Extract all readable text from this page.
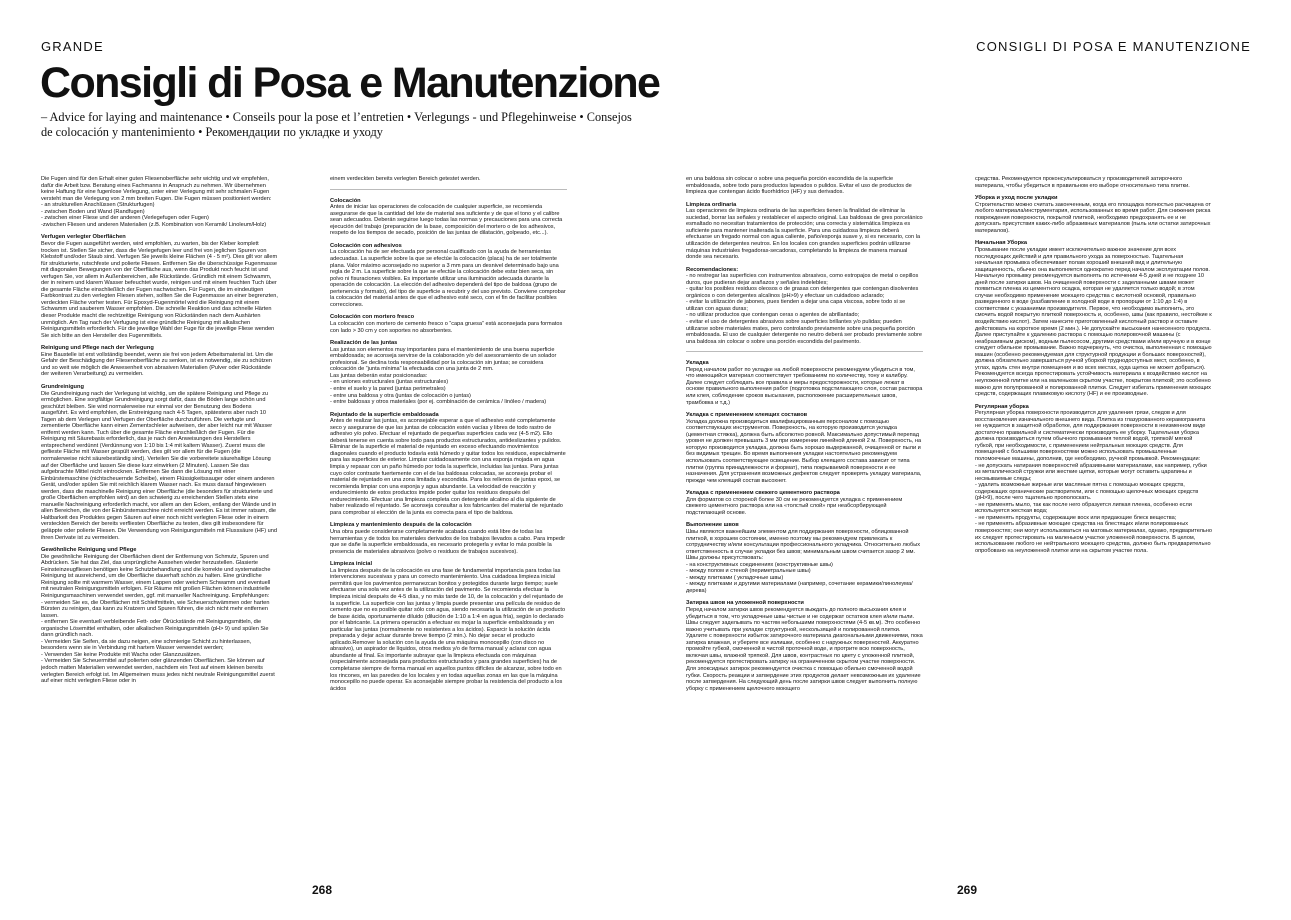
GRANDE	CONSIGLI DI POSA E MANUTENZIONE
Consigli di Posa e Manutenzione

– Advice for laying and maintenance • Conseils pour la pose et l’entretien • Verlegungs - und Pflegehinweise • Consejos de colocación y mantenimiento • Рекомендации по укладке и уходу

Die Fugen sind für den Erhalt einer guten Fliesenoberfläche sehr wichtig und wir empfehlen, dafür die Arbeit bzw. Beratung eines Fachmanns in Anspruch zu nehmen. Wir übernehmen keine Haftung für eine fugenlose Verlegung, unter einer Verlegung mit sehr schmalen Fugen versteht man die Verlegung von 2 mm breiten Fugen. Die Fugen müssen positioniert werden:
- an strukturellen Anschlüssen (Strukturfugen)
- zwischen Boden und Wand (Randfugen)
- zwischen einer Fliese und der anderen (Verlegefugen oder Fugen)
-zwischen Fliesen und anderen Materialien (z.B. Kombination von Keramik/ Linoleum/Holz)

Verfugen verlegter Oberflächen

Bevor die Fugen ausgeführt werden, wird empfohlen, zu warten, bis der Kleber komplett trocken ist. Stellen Sie sicher, dass die Verlegefugen leer und frei von jeglichen Spuren von Klebstoff und/oder Staub sind. Verfugen Sie jeweils kleine Flächen (4 - 5 m²). Dies gilt vor allem für strukturierte, rutschfeste und polierte Fliesen. Entfernen Sie die überschüssige Fugenmasse mit diagonalen Bewegungen von der Oberfläche aus, wenn das Produkt noch feucht ist und verfugen Sie, vor allem in Außenbereichen, alle Rückstände. Gründlich mit einem Schwamm, der in reinem und klarem Wasser befeuchtet wurde, reinigen und mit einem feuchten Tuch über die gesamte Fläche einschließlich der Fugen nachwischen. Für Fugen, die im eindeutigen Farbkontrast zu den verlegten Fliesen stehen, sollten Sie die Fugenmasse an einer begrenzten, verdeckten Fläche vorher testen. Für Epoxyd-Fugenmörtel wird die Reinigung mit einem Schwamm und sauberem Wasser empfohlen. Die schnelle Reaktion und das schnelle Härten dieser Produkte macht die rechtzeitige Reinigung von Rückständen nach dem Aushärten unmöglich. Am Tag nach der Verfugung ist eine gründliche Reinigung mit alkalischen Reinigungsmitteln erforderlich. Für die jeweilige Wahl der Fuge für die jeweilige Fliese wenden Sie sich bitte an den Hersteller des Fugenmittels.

Reinigung und Pflege nach der Verlegung

Eine Baustelle ist erst vollständig beendet, wenn sie frei von jedem Arbeitsmaterial ist. Um die Gefahr der Beschädigung der Fliesenoberfläche zu senken, ist es notwendig, sie zu schützen und so weit wie möglich die Anwesenheit von abrasiven Materialien (Pulver oder Rückstände der weiteren Verarbeitung) zu vermeiden.

Grundreinigung

Die Grundreinigung nach der Verlegung ist wichtig, um die spätere Reinigung und Pflege zu ermöglichen. Eine sorgfältige Grundreinigung sorgt dafür, dass die Böden lange schön und geschützt bleiben. Sie wird normalerweise nur einmal vor der Benutzung des Bodens ausgeführt. Es wird empfohlen, die Erstreinigung nach 4-5 Tagen, spätestens aber nach 10 Tagen ab dem Verlegen und Verfugen der Oberfläche durchzuführen. Die verfugte und zementierte Oberfläche kann einen Zementschleier aufweisen, der aber leicht nur mit Wasser entfernt werden kann. Tuch über die gesamte Fläche einschließlich der Fugen. Für die Reinigung mit Säurebasis erforderlich, das je nach den Anweisungen des Herstellers entsprechend verdünnt (Verdünnung von 1:10 bis 1:4 mit kaltem Wasser). Zuerst muss die geflieste Fläche mit Wasser gespült werden, dies gilt vor allem für die Fugen (die normalerweise nicht säurebeständig sind). Verteilen Sie die vorbereitete säurehaltige Lösung auf der Oberfläche und lassen Sie diese kurz einwirken (2 Minuten). Lassen Sie das aufgebrachte Mittel nicht eintrocknen. Entfernen Sie dann die Lösung mit einer Einbürstemaschine (nichtscheuernde Scheibe), einem Flüssigkeitssauger oder einem anderen Gerät, und/oder spülen Sie mit reichlich klarem Wasser nach. Es muss darauf hingewiesen werden, dass die maschinelle Reinigung einer Oberfläche (die besonders für strukturierte und große Oberflächen empfohlen wird) an den schwierig zu erreichenden Stellen stets eine manuelle Nachreinigung erforderlich macht, vor allem an den Ecken, entlang der Wände und in allen Bereichen, die von der Einbürstemaschine nicht erreicht werden. Es ist immer ratsam, die Haltbarkeit des Produktes gegen Säuren auf einer noch nicht verlegten Fliese oder in einem versteckten Bereich der bereits verfliesten Oberfläche zu testen, dies gilt insbesondere für geläppte oder polierte Fliesen. Die Verwendung von Reinigungsmitteln mit Flusssäure (HF) und ihren Derivate ist zu vermeiden.

Gewöhnliche Reinigung und Pflege

Die gewöhnliche Reinigung der Oberflächen dient der Entfernung von Schmutz, Spuren und Abdrücken. Sie hat das Ziel, das ursprüngliche Aussehen wieder herzustellen. Glasierte Feinsteinzeugfliesen benötigen keine Schutzbehandlung und die korrekte und systematische Reinigung ist ausreichend, um die Oberfläche dauerhaft schön zu halten. Eine gründliche Reinigung sollte mit warmem Wasser, einem Lappen oder weichem Schwamm und eventuell mit neutralen Reinigungsmitteln erfolgen. Für Räume mit großen Flächen können industrielle Reinigungsmaschinen verwendet werden, ggf. mit manueller Nachreinigung. Empfehlungen:
- vermeiden Sie es, die Oberflächen mit Schleifmitteln, wie Scheuerschwämmen oder harten Bürsten zu reinigen, das kann zu Kratzern und Spuren führen, die sich nicht mehr entfernen lassen.
- entfernen Sie eventuell verbleibende Fett- oder Ölrückstände mit Reinigungsmitteln, die organische Lösemittel enthalten, oder alkalischen Reinigungsmitteln (pH> 9) und spülen Sie dann gründlich nach.
- Vermeiden Sie Seifen, da sie dazu neigen, eine schmierige Schicht zu hinterlassen, besonders wenn sie in Verbindung mit hartem Wasser verwendet werden;
- Verwenden Sie keine Produkte mit Wachs oder Glanzzusätzen.
- Vermeiden Sie Scheuermittel auf polierten oder glänzenden Oberflächen. Sie können auf jedoch matten Materialien verwendet werden, nachdem ein Test auf einem kleinen bereits verlegten Bereich erfolgt ist. Im Allgemeinen muss jedes nicht neutrale Reinigungsmittel zuerst auf einer nicht verlegten Fliese oder in

einem verdeckten bereits verlegten Bereich getestet werden.

Colocación

Antes de iniciar las operaciones de colocación de cualquier superficie, se recomienda asegurarse de que la cantidad del lote de material sea suficiente y de que el tono y el calibre sean adecuados. Deberán seguirse luego todas las normas y precauciones para una correcta ejecución del trabajo (preparación de la base, composición del mortero o de los adhesivos, respeto de los tiempos de secado, posición de las juntas de dilatación, golpeado, etc...).

Colocación con adhesivos

La colocación ha de ser efectuada por personal cualificado con la ayuda de herramientas adecuadas. La superficie sobre la que se efectúe la colocación (placa) ha de ser totalmente plana. Valor máximo aconsejado no superior a 3 mm para un desnivel determinado bajo una regla de 2 m. La superficie sobre la que se efectúe la colocación debe estar bien seca, sin polvo ni fisuraciones visibles. Es importante utilizar una iluminación adecuada durante la operación de colocación. La elección del adhesivo dependerá del tipo de baldosa (grupo de pertenencia y formato), del tipo de superficie a recubrir y del uso previsto. Conviene comprobar la colocación del material antes de que el adhesivo esté seco, con el fin de facilitar posibles correcciones.

Colocación con mortero fresco

La colocación con mortero de cemento fresco o “capa gruesa” está aconsejada para formatos con lado > 30 cm y con soportes no absorbentes.

Realización de las juntas

Las juntas son elementos muy importantes para el mantenimiento de una buena superficie embaldosada; se aconseja servirse de la colaboración y/o del asesoramiento de un solador profesional. Se declina toda responsabilidad por la colocación sin juntas; se considera colocación de “junta mínima” la efectuada con una junta de 2 mm.
Las juntas deberán estar posicionadas:
- en uniones estructurales (juntas estructurales)
- entre el suelo y la pared (juntas perimetrales)
- entre una baldosa y otra (juntas de colocación o juntas)
- entre baldosas y otros materiales (por ej. combinación de cerámica / linóleo / madera)

Rejuntado de la superficie embaldosada

Antes de realizar las juntas, es aconsejable esperar a que el adhesivo esté completamente seco y asegurarse de que las juntas de colocación estén vacías y libres de todo rastro de adhesivo y/o polvo. Efectuar el rejuntado de pequeñas superficies cada vez (4-5 m2). Ello deberá tenerse en cuenta sobre todo para productos estructurados, antideslizantes y pulidos. Eliminar de la superficie el material de rejuntado en exceso efectuando movimientos diagonales cuando el producto todavía está húmedo y quitar todos los residuos, especialmente para las superficies de exterior. Limpiar cuidadosamente con una esponja mojada en agua limpia y repasar con un paño húmedo por toda la superficie, incluidas las juntas. Para juntas cuyo color contraste fuertemente con el de las baldosas colocadas, se aconseja probar el material de rejuntado en una zona limitada y escondida. Para los rellenos de juntas epoxi, se recomienda limpiar con una esponja y agua abundante. La velocidad de reacción y endurecimiento de estos productos impide poder quitar los residuos después del endurecimiento. Efectuar una limpieza completa con detergente alcalino al día siguiente de haber realizado el rejuntado. Se aconseja consultar a los fabricantes del material de rejuntado para comprobar si elección de la junta es correcta para el tipo de baldosa.

Limpieza y mantenimiento después de la colocación

Una obra puede considerarse completamente acabada cuando está libre de todas las herramientas y de todos los materiales derivados de los trabajos llevados a cabo. Para impedir que se dañe la superficie embaldosada, es necesario protegerla y evitar lo más posible la presencia de materiales abrasivos (polvo o residuos de trabajos sucesivos).

Limpieza inicial

La limpieza después de la colocación es una fase de fundamental importancia para todas las intervenciones sucesivas y para un correcto mantenimiento. Una cuidadosa limpieza inicial permitirá que los pavimentos permanezcan bonitos y protegidos durante largo tiempo; suele efectuarse una sola vez antes de la utilización del pavimento. Se recomienda efectuar la limpieza inicial después de 4-5 días, y no más tarde de 10, de la colocación y del rejuntado de la superficie. La superficie con las juntas y limpia puede presentar una película de residuo de cemento que no es posible quitar sólo con agua, siendo necesaria la utilización de un producto de base ácida, oportunamente diluido (dilución de 1:10 a 1:4 en agua fría), según lo declarado por el fabricante. La primera operación a efectuar es mojar la superficie embaldosada y en particular las juntas (normalmente no resistentes a los ácidos). Esparcir la solución ácida preparada y dejar actuar durante breve tiempo (2 min.). No dejar secar el producto aplicado.Remover la solución con la ayuda de una máquina monocepillo (con disco no abrasivo), un aspirador de líquidos, otros medios y/o de forma manual y aclarar con agua abundante al final. Es importante subrayar que la limpieza efectuada con máquinas (especialmente aconsejada para productos estructurados y para grandes superficies) ha de completarse siempre de forma manual en aquellos puntos difíciles de alcanzar, sobre todo en los rincones, en las paredes de los locales y en todas aquellas zonas en las que la máquina monocepillo no puede operar. Es aconsejable siempre probar la resistencia del producto a los ácidos

en una baldosa sin colocar o sobre una pequeña porción escondida de la superficie embaldosada, sobre todo para productos lapeados o pulidos. Evitar el uso de productos de limpieza que contengan ácido fluorhídrico (HF) y sus derivados.

Limpieza ordinaria

Las operaciones de limpieza ordinaria de las superficies tienen la finalidad de eliminar la suciedad, borrar las señales y restablecer el aspecto original. Las baldosas de gres porcelánico esmaltado no necesitan tratamientos de protección; una correcta y sistemática limpieza es suficiente para mantener inalterada la superficie. Para una cuidadosa limpieza deberá efectuarse un fregado normal con agua caliente, paño/esponja suave y, si es necesario, con la utilización de detergentes neutros. En los locales con grandes superficies podrán utilizarse máquinas industriales fregadoras-secadoras, completando la limpieza de manera manual donde sea necesario.

Recomendaciones:

- no restregar las superficies con instrumentos abrasivos, como estropajos de metal o cepillos duros, que pudieran dejar arañazos y señales indelebles;
- quitar los posibles residuos oleosos o de grasas con detergentes que contengan disolventes orgánicos o con detergentes alcalinos (pH>9) y efectuar un cuidadoso aclarado;
- evitar la utilización de jabones, pues tienden a dejar una capa viscosa, sobre todo si se utilizan con aguas duras;
- no utilizar productos que contengan ceras o agentes de abrillantado;
- evitar el uso de detergentes abrasivos sobre superficies brillantes y/o pulidas; pueden utilizarse sobre materiales mates, pero controlando previamente sobre una pequeña porción embaldosada. El uso de cualquier detergente no neutro deberá ser probado previamente sobre una baldosa sin colocar o sobre una porción escondida del pavimento.

Укладка

Перед началом работ по укладке на любой поверхности рекомендуем убедиться в том, что имеющийся материал соответствует требованиям по количеству, тону и калибру. Далее следует соблюдать все правила и меры предосторожности, которые лежат в основе правильного выполнения работ (подготовка подстилающего слоя, состав раствора или клея, соблюдение сроков высыхания, расположение расширительных швов, трамбовка и т.д.)

Укладка с применением клеящих составов

Укладка должна производиться квалифицированным персоналом с помощью соответствующих инструментов. Поверхность, на которую производится укладка (цементная стяжка), должна быть абсолютно ровной. Максимально допустимый перепад уровня не должен превышать 3 мм при измерении линейной длиной 2 м. Поверхность, на которую производится укладка, должна быть хорошо выдержанной, очищенной от пыли и без видимых трещин. Во время выполнения укладки настоятельно рекомендуем использовать соответствующее освещение. Выбор клеящего состава зависит от типа плитки (группа принадлежности и формат), типа покрываемой поверхности и ее назначения. Для устранения возможных дефектов следует проверять укладку материала, прежде чем клеящий состав высохнет.

Укладка с применением свежего цементного раствора

Для форматов со стороной более 30 см не рекомендуется укладка с применением свежего цементного раствора или на «толстый слой» при неабсорбирующей подстилающей основе.

Выполнение швов

Швы являются важнейшим элементом для поддержания поверхности, облицованной плиткой, в хорошем состоянии, именно поэтому мы рекомендуем привлекать к сотрудничеству и/или консультации профессионального укладчика. Относительно любых ответственность в случае укладки без швов; минимальным швом считается зазор 2 мм.
Швы должны присутствовать:
- на конструктивных соединениях (конструктивные швы)
- между полом и стеной (периметральные швы)
- между плитками ( укладочные швы)
- между плитками и другими материалами (например, сочетание керамики/линолеума/ дерева)

Затирка швов на уложенной поверхности

Перед началом затирки швов рекомендуется выждать до полного высыхания клея и убедиться в том, что укладочные швы чистые и не содержат остатков клея и/или пыли.
Швы следует заделывать по частям небольшими поверхностями (4-5 кв.м). Это особенно важно учитывать при укладке структурной, нескользящей и полированной плитки. Удалите с поверхности избыток затирочного материала диагональными движениями, пока затирка влажная, и уберите все излишки, особенно с наружных поверхностей. Аккуратно промойте губкой, смоченной в чистой проточной воде, и протрите всю поверхность, включая швы, влажной тряпкой. Для швов, контрастных по цвету с уложенной плиткой, рекомендуется протестировать затирку на ограниченном скрытом участке поверхности. Для эпоксидных затирок рекомендуется очистка с помощью обильно смоченной водой губки. Скорость реакции и затвердение этих продуктов делает невозможным их удаление после затвердения. На следующий день после затирки швов следует выполнить полную уборку с применением щелочного моющего

средства. Рекомендуется проконсультироваться у производителей затирочного материала, чтобы убедиться в правильном его выборе относительно типа плитки.

Уборка и уход после укладки

Строительство можно считать законченным, когда его площадка полностью расчищена от любого материала/инструментария, использованных во время работ. Для снижения риска повреждения поверхности, покрытой плиткой, необходимо предохранять ее и не допускать присутствия каких-либо абразивных материалов (пыль или остатки затирочных материалов).

Начальная Уборка

Промывание после укладки имеет исключительно важное значение для всех последующих действий и для правильного ухода за поверхностью. Тщательная начальная промывка обеспечивает полам хороший внешний вид и длительную защищенность, обычно она выполняется однократно перед началом эксплуатации полов. Начальную промывку рекомендуется выполнять по истечении 4-5 дней и не позднее 10 дней после затирки швов. На очищенной поверхности с заделанными швами может появиться пленка из цементного осадка, которая не удаляется только водой; в этом случае необходимо применение моющего средства с кислотной основой, правильно разведенного в воде (разбавление в холодной воде в пропорции от 1:10 до 1:4) в соответствии с указаниями производителя. Первое, что необходимо выполнить, это смочить водой покрытую плиткой поверхность и, особенно, швы (как правило, нестойкие к воздействию кислот). Затем нанесите приготовленный кислотный раствор и оставьте действовать на короткое время (2 мин.). Не допускайте высыхания нанесенного продукта. Далее приступайте к удалению раствора с помощью полировочной машины (с неабразивным диском), водным пылесосом, другими средствами и/или вручную и в конце следует обильное промывание. Важно подчеркнуть, что очистка, выполненная с помощью машин (особенно рекомендуемая для структурной продукции и больших поверхностей), должна обязательно завершаться ручной уборкой труднодоступных мест, особенно, в углах, вдоль стен внутри помещения и во всех местах, куда щетка не может добраться). Рекомендуется всегда протестировать устойчивость материала к воздействию кислот на неуложенной плитке или на маленьком скрытом участке, покрытом плиткой; это особенно важно для полупрованной и полированной плитки. Следует избегать применения моющих средств, содержащих плавиковую кислоту (HF) и ее производные.

Регулярная уборка

Регулярная уборка поверхности производится для удаления грязи, следов и для восстановления изначального внешнего вида. Плитка из глазурованного керамогранита не нуждается в защитной обработке, для поддержания поверхности в неизменном виде достаточно правильной и систематически производить ее уборку. Тщательная уборка должна производиться путем обычного промывания теплой водой, тряпкой/ мягкой губкой, при необходимости, с применением нейтральных моющих средств. Для помещений с большими поверхностями можно использовать промышленные поломоечные машины, дополнив, где необходимо, ручной промывкой. Рекомендации:
- не допускать натирания поверхностей абразивными материалами, как например, губки из металлической стружки или жесткие щетки, которые могут оставить царапины и несмываемые следы;
- удалить возможные жирные или масляные пятна с помощью моющих средств, содержащих органические растворители, или с помощью щелочных моющих средств (pH>9), после чего тщательно прополоскать.
- не применять мыло, так как после него образуется липкая пленка, особенно если используется жесткая вода;
- не применять продукты, содержащие воск или придающие блеск вещества;
- не применять абразивные моющие средства на блестящих и/или полированных поверхностях; они могут использоваться на матовых материалах, однако, предварительно их следует протестировать на маленьком участке уложенной поверхности. В целом, использование любого не нейтрального моющего средства, должно быть предварительно опробовано на неуложенной плитке или на скрытом участке пола.

268	269
